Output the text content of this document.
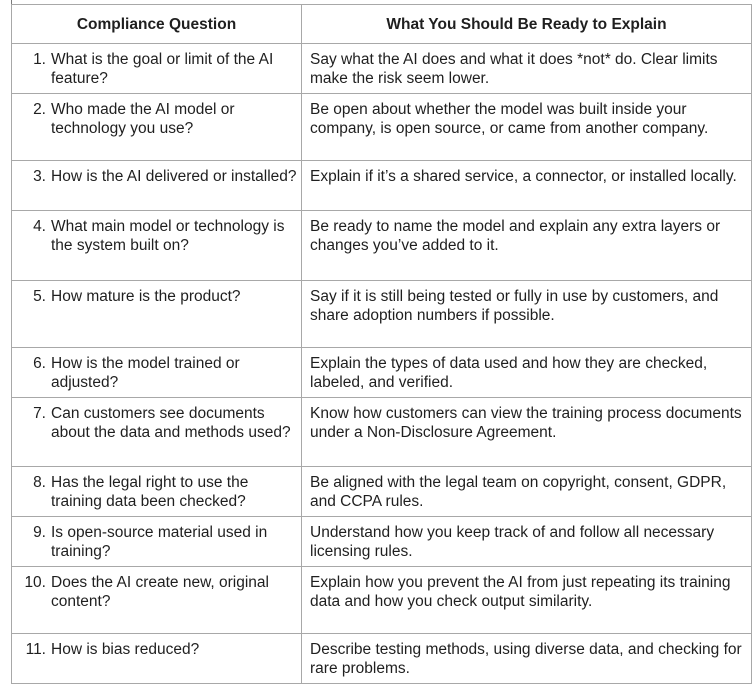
Compliance Question	What You Should Be Ready to Explain

1. What is the goal or limit of the AI feature?	Say what the AI does and what it does *not* do. Clear limits make the risk seem lower.

2. Who made the AI model or technology you use?	Be open about whether the model was built inside your company, is open source, or came from another company.

3. How is the AI delivered or installed?	Explain if it’s a shared service, a connector, or installed locally.

4. What main model or technology is the system built on?	Be ready to name the model and explain any extra layers or changes you’ve added to it.

5. How mature is the product?	Say if it is still being tested or fully in use by customers, and share adoption numbers if possible.

6. How is the model trained or adjusted?	Explain the types of data used and how they are checked, labeled, and verified.

7. Can customers see documents about the data and methods used?	Know how customers can view the training process documents under a Non-Disclosure Agreement.

8. Has the legal right to use the training data been checked?	Be aligned with the legal team on copyright, consent, GDPR, and CCPA rules.

9. Is open-source material used in training?	Understand how you keep track of and follow all necessary licensing rules.

10. Does the AI create new, original content?	Explain how you prevent the AI from just repeating its training data and how you check output similarity.

11. How is bias reduced?	Describe testing methods, using diverse data, and checking for rare problems.
